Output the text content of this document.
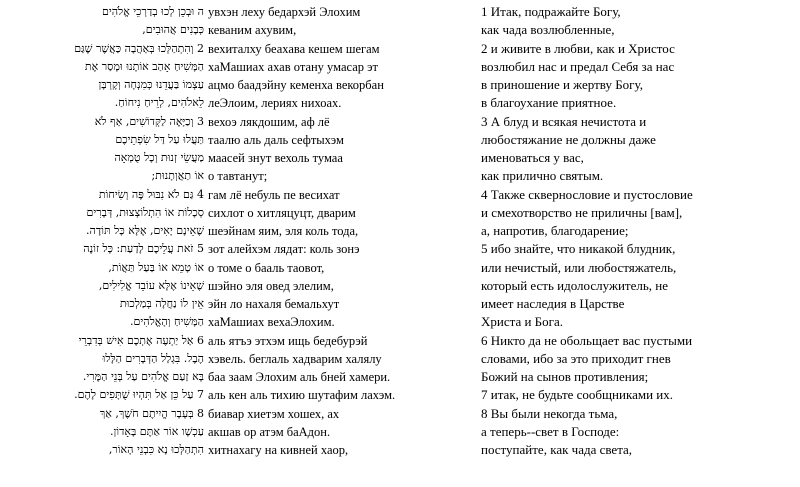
ה וּבְכֵן לְכוּ בְדַרְכֵי אֱלֹהִים
כְּבָנִים אֲהוּבִים,
2 וְהִתְהַלְּכוּ בְּאַהֲבָה כַּאֲשֶׁר שֶׁגַּם
הַמָּשִׁיחַ אָהַב אוֹתָנוּ וּמָסַר אֶת
עַצְמוֹ בַּעֲדֵנוּ כְּמִנְחָה וְקָרְבָּן
לֵאלֹהִים, לְרֵיחַ נִיחוֹחַ.
3 וְכַיָּאֶה לַקְּדוֹשִׁים, אַף לֹא
תַּעֲלוּ עַל דַּל שִׂפְתֵיכֶם
מַעֲשֵׂי זְנוּת וְכָל טֻמְאָה
אוֹ תַאֲוְתָנוּת;
4 גַּם לֹא נִבּוּל פֶּה וְשִׂיחוֹת
סְכָלוֹת אוֹ הִתְלוֹצְצוּת, דְּבָרִים
שֶׁאֵינָם יָאִים, אֶלָּא כָּל תּוֹדָה.
5 זֹאת עֲלֵיכֶם לָדַעַת: כָּל זוֹנֶה
אוֹ טָמֵא אוֹ בַּעַל תַּאֲוֹת,
שֶׁאֵינוֹ אֶלָּא עוֹבֵד אֱלִילִים,
אֵין לוֹ נַחֲלָה בְּמַלְכוּת
הַמָּשִׁיחַ וְהָאֱלֹהִים.
6 אַל יַתְעֶה אֶתְכֶם אִישׁ בְּדִבְרֵי
הֶבֶל. בִּגְלַל הַדְּבָרִים הַלָּלוּ
בָּא זַעַם אֱלֹהִים עַל בְּנֵי הַמֶּרִי.
7 עַל כֵּן אַל תִּהְיוּ שֻׁתָּפִים לָהֶם.
8 בְּעָבָר הֱיִיתֶם חֹשֶׁךְ, אַךְ
עַכְשָׁו אוֹר אַתֶּם בָּאָדוֹן.
הִתְהַלְּכוּ נָא כִּבְנֵי הָאוֹר,
увхэн леху бедархэй Элохим
кеваним ахувим,
вехиталху беахава кешем шегам
хаМашиах ахав отану умасар эт
ацмо баадэйну кеменха векорбан
леЭлоим, лериях нихоах.
вехоэ лякдошим, аф лё
таалю аль даль сефтыхэм
маасей знут вехоль тумаа
о тавтанут;
гам лё небуль пе весихат
сихлот о хитляцуцт, дварим
шеэйнам яим, эля коль тода,
зот алейхэм лядат: коль зонэ
о томе о бааль таовот,
шэйно эля овед элелим,
эйн ло нахаля бемальхут
хаМашиах вехаЭлохим.
аль ятъэ этхэм ищь бедебурэй
хэвель. беглаль хадварим халялу
баа заам Элохим аль бней хамери.
аль кен аль тихию шутафим лахэм.
биавар хиетэм хошех, ах
акшав ор атэм баАдон.
хитнахагу на кивней хаор,
1 Итак, подражайте Богу,
как чада возлюбленные,
2 и живите в любви, как и Христос
возлюбил нас и предал Себя за нас
в приношение и жертву Богу,
в благоухание приятное.
3 А блуд и всякая нечистота и
любостяжание не должны даже
именоваться у вас,
как прилично святым.
4 Также сквернословие и пустословие
и смехотворство не приличны [вам],
а, напротив, благодарение;
5 ибо знайте, что никакой блудник,
или нечистый, или любостяжатель,
который есть идолослужитель, не
имеет наследия в Царстве
Христа и Бога.
6 Никто да не обольщает вас пустыми
словами, ибо за это приходит гнев
Божий на сынов противления;
7 итак, не будьте сообщниками их.
8 Вы были некогда тьма,
а теперь--свет в Господе:
поступайте, как чада света,
